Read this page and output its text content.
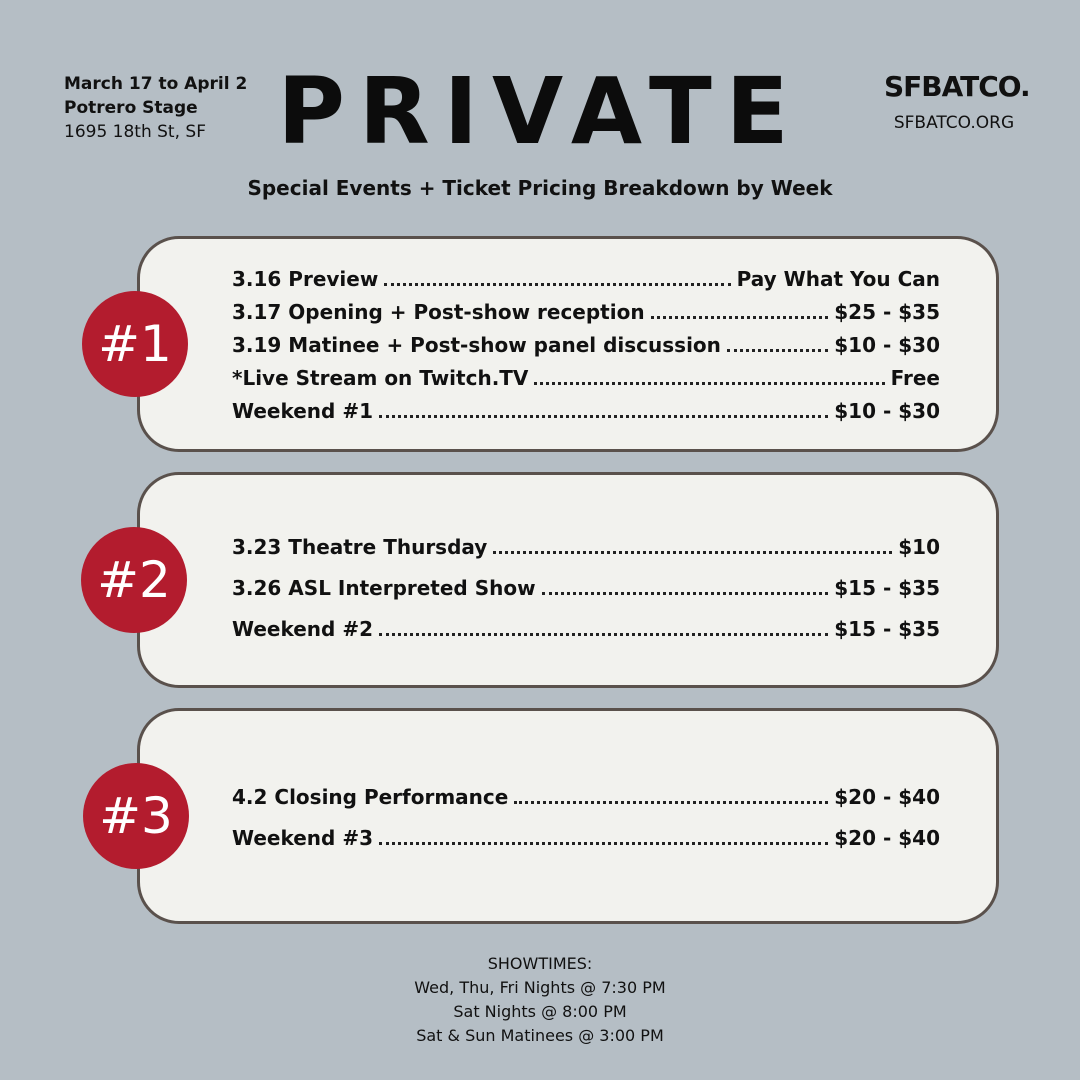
March 17 to April 2
Potrero Stage
1695 18th St, SF PRIVATE	SFBATCO.
SFBATCO.ORG
Special Events + Ticket Pricing Breakdown by Week
3.16 Preview	Pay What You Can
3.17 Opening + Post-show reception	$25 - $35
3.19 Matinee + Post-show panel discussion	$10 - $30
*Live Stream on Twitch.TV	Free
Weekend #1	$10 - $30
#1
3.23 Theatre Thursday	$10
3.26 ASL Interpreted Show	$15 - $35
Weekend #2	$15 - $35
#2
4.2 Closing Performance	$20 - $40
Weekend #3	$20 - $40
#3
SHOWTIMES:
Wed, Thu, Fri Nights @ 7:30 PM
Sat Nights @ 8:00 PM
Sat & Sun Matinees @ 3:00 PM
